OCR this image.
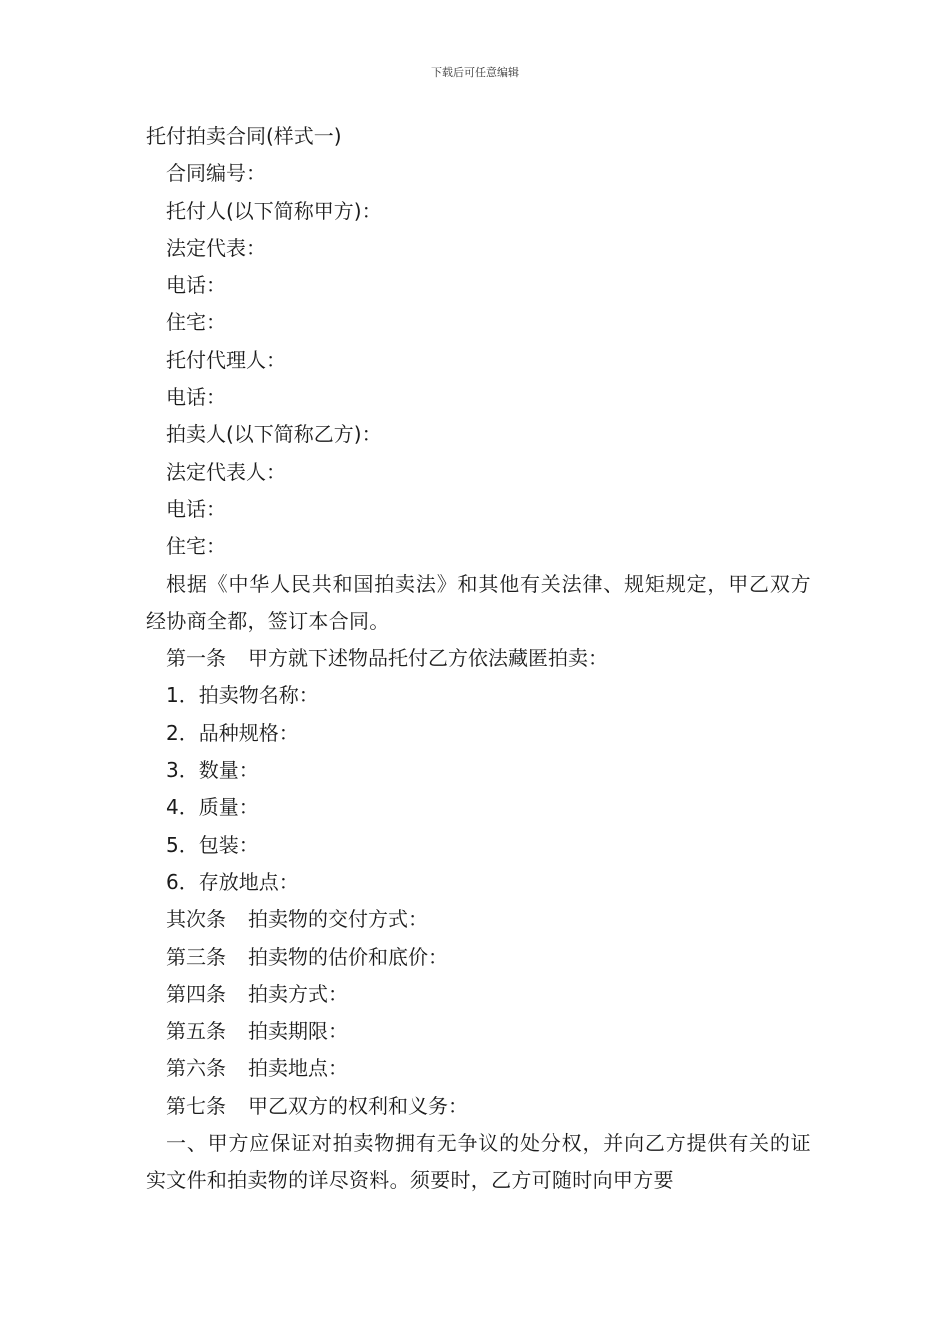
下载后可任意编辑
托付拍卖合同(样式一)
合同编号：
托付人(以下简称甲方)：
法定代表：
电话：
住宅：
托付代理人：
电话：
拍卖人(以下简称乙方)：
法定代表人：
电话：
住宅：
根据《中华人民共和国拍卖法》和其他有关法律、规矩规定，甲乙双方经协商全都，签订本合同。
第一条 甲方就下述物品托付乙方依法藏匿拍卖：
1．拍卖物名称：
2．品种规格：
3．数量：
4．质量：
5．包装：
6．存放地点：
其次条 拍卖物的交付方式：
第三条 拍卖物的估价和底价：
第四条 拍卖方式：
第五条 拍卖期限：
第六条 拍卖地点：
第七条 甲乙双方的权利和义务：
一、甲方应保证对拍卖物拥有无争议的处分权，并向乙方提供有关的证实文件和拍卖物的详尽资料。须要时，乙方可随时向甲方要
